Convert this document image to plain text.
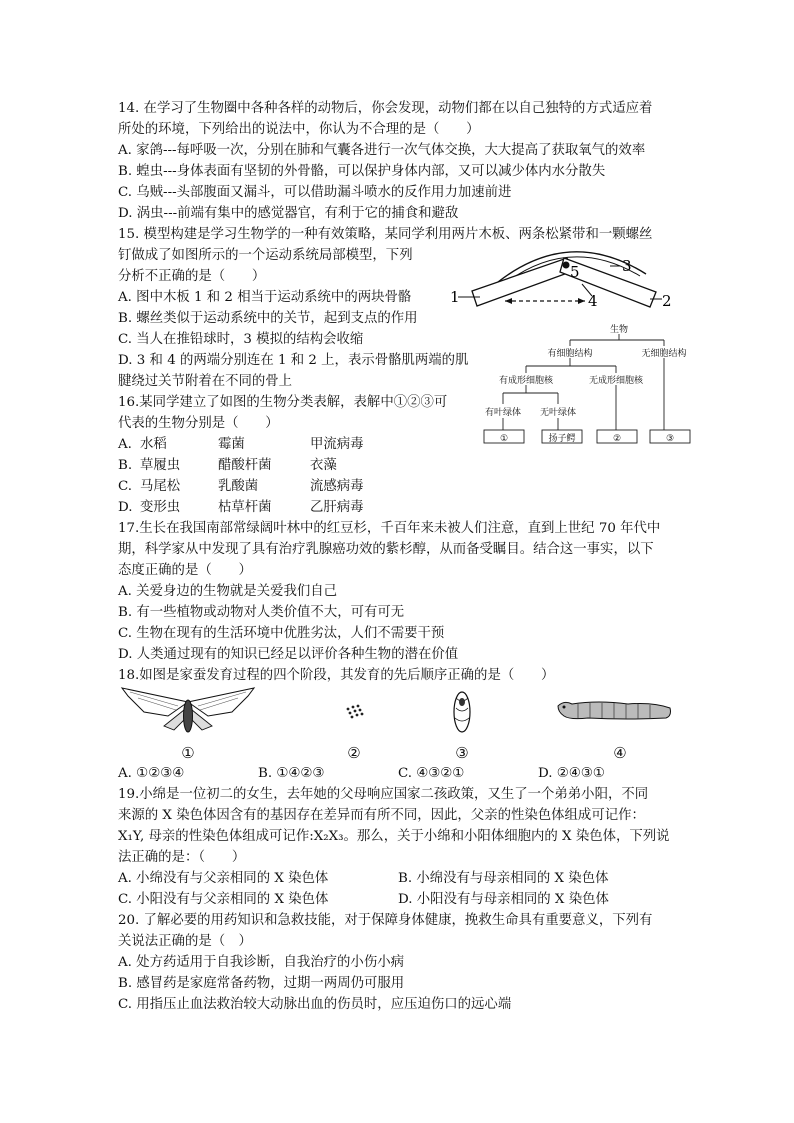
14. 在学习了生物圈中各种各样的动物后，你会发现，动物们都在以自己独特的方式适应着
所处的环境，下列给出的说法中，你认为不合理的是（　　）
A. 家鸽---每呼吸一次，分别在肺和气囊各进行一次气体交换，大大提高了获取氧气的效率
B. 蝗虫---身体表面有坚韧的外骨骼，可以保护身体内部，又可以减少体内水分散失
C. 乌贼---头部腹面又漏斗，可以借助漏斗喷水的反作用力加速前进
D. 涡虫---前端有集中的感觉器官，有利于它的捕食和避敌
15. 模型构建是学习生物学的一种有效策略，某同学利用两片木板、两条松紧带和一颗螺丝
钉做成了如图所示的一个运动系统局部模型，下列
分析不正确的是（　　）
A. 图中木板 1 和 2 相当于运动系统中的两块骨骼
B. 螺丝类似于运动系统中的关节，起到支点的作用
C. 当人在推铅球时，3 模拟的结构会收缩
D. 3 和 4 的两端分别连在 1 和 2 上，表示骨骼肌两端的肌
腱绕过关节附着在不同的骨上
1	2
3
4
5
16.某同学建立了如图的生物分类表解，表解中①②③可
代表的生物分别是（　　）
A. 水稻	霉菌	甲流病毒
B. 草履虫	醋酸杆菌	衣藻
C. 马尾松	乳酸菌	流感病毒
D. 变形虫	枯草杆菌	乙肝病毒
生物
有细胞结构	无细胞结构
有成形细胞核	无成形细胞核
有叶绿体 无叶绿体
①	扬子鳄	②	③
17.生长在我国南部常绿阔叶林中的红豆杉，千百年来未被人们注意，直到上世纪 70 年代中
期，科学家从中发现了具有治疗乳腺癌功效的紫杉醇，从而备受瞩目。结合这一事实，以下
态度正确的是（　　）
A. 关爱身边的生物就是关爱我们自己
B. 有一些植物或动物对人类价值不大，可有可无
C. 生物在现有的生活环境中优胜劣汰，人们不需要干预
D. 人类通过现有的知识已经足以评价各种生物的潜在价值
18.如图是家蚕发育过程的四个阶段，其发育的先后顺序正确的是（　　）
①	②	③	④
A. ①②③④	B. ①④②③	C. ④③②①	D. ②④③①
19.小绵是一位初二的女生，去年她的父母响应国家二孩政策，又生了一个弟弟小阳，不同
来源的 X 染色体因含有的基因存在差异而有所不同，因此，父亲的性染色体组成可记作：
X₁Y, 母亲的性染色体组成可记作:X₂X₃。那么，关于小绵和小阳体细胞内的 X 染色体，下列说
法正确的是：（　　）
A. 小绵没有与父亲相同的 X 染色体	B. 小绵没有与母亲相同的 X 染色体
C. 小阳没有与父亲相同的 X 染色体	D. 小阳没有与母亲相同的 X 染色体
20. 了解必要的用药知识和急救技能，对于保障身体健康，挽救生命具有重要意义，下列有
关说法正确的是（　）
A. 处方药适用于自我诊断，自我治疗的小伤小病
B. 感冒药是家庭常备药物，过期一两周仍可服用
C. 用指压止血法救治较大动脉出血的伤员时，应压迫伤口的远心端
